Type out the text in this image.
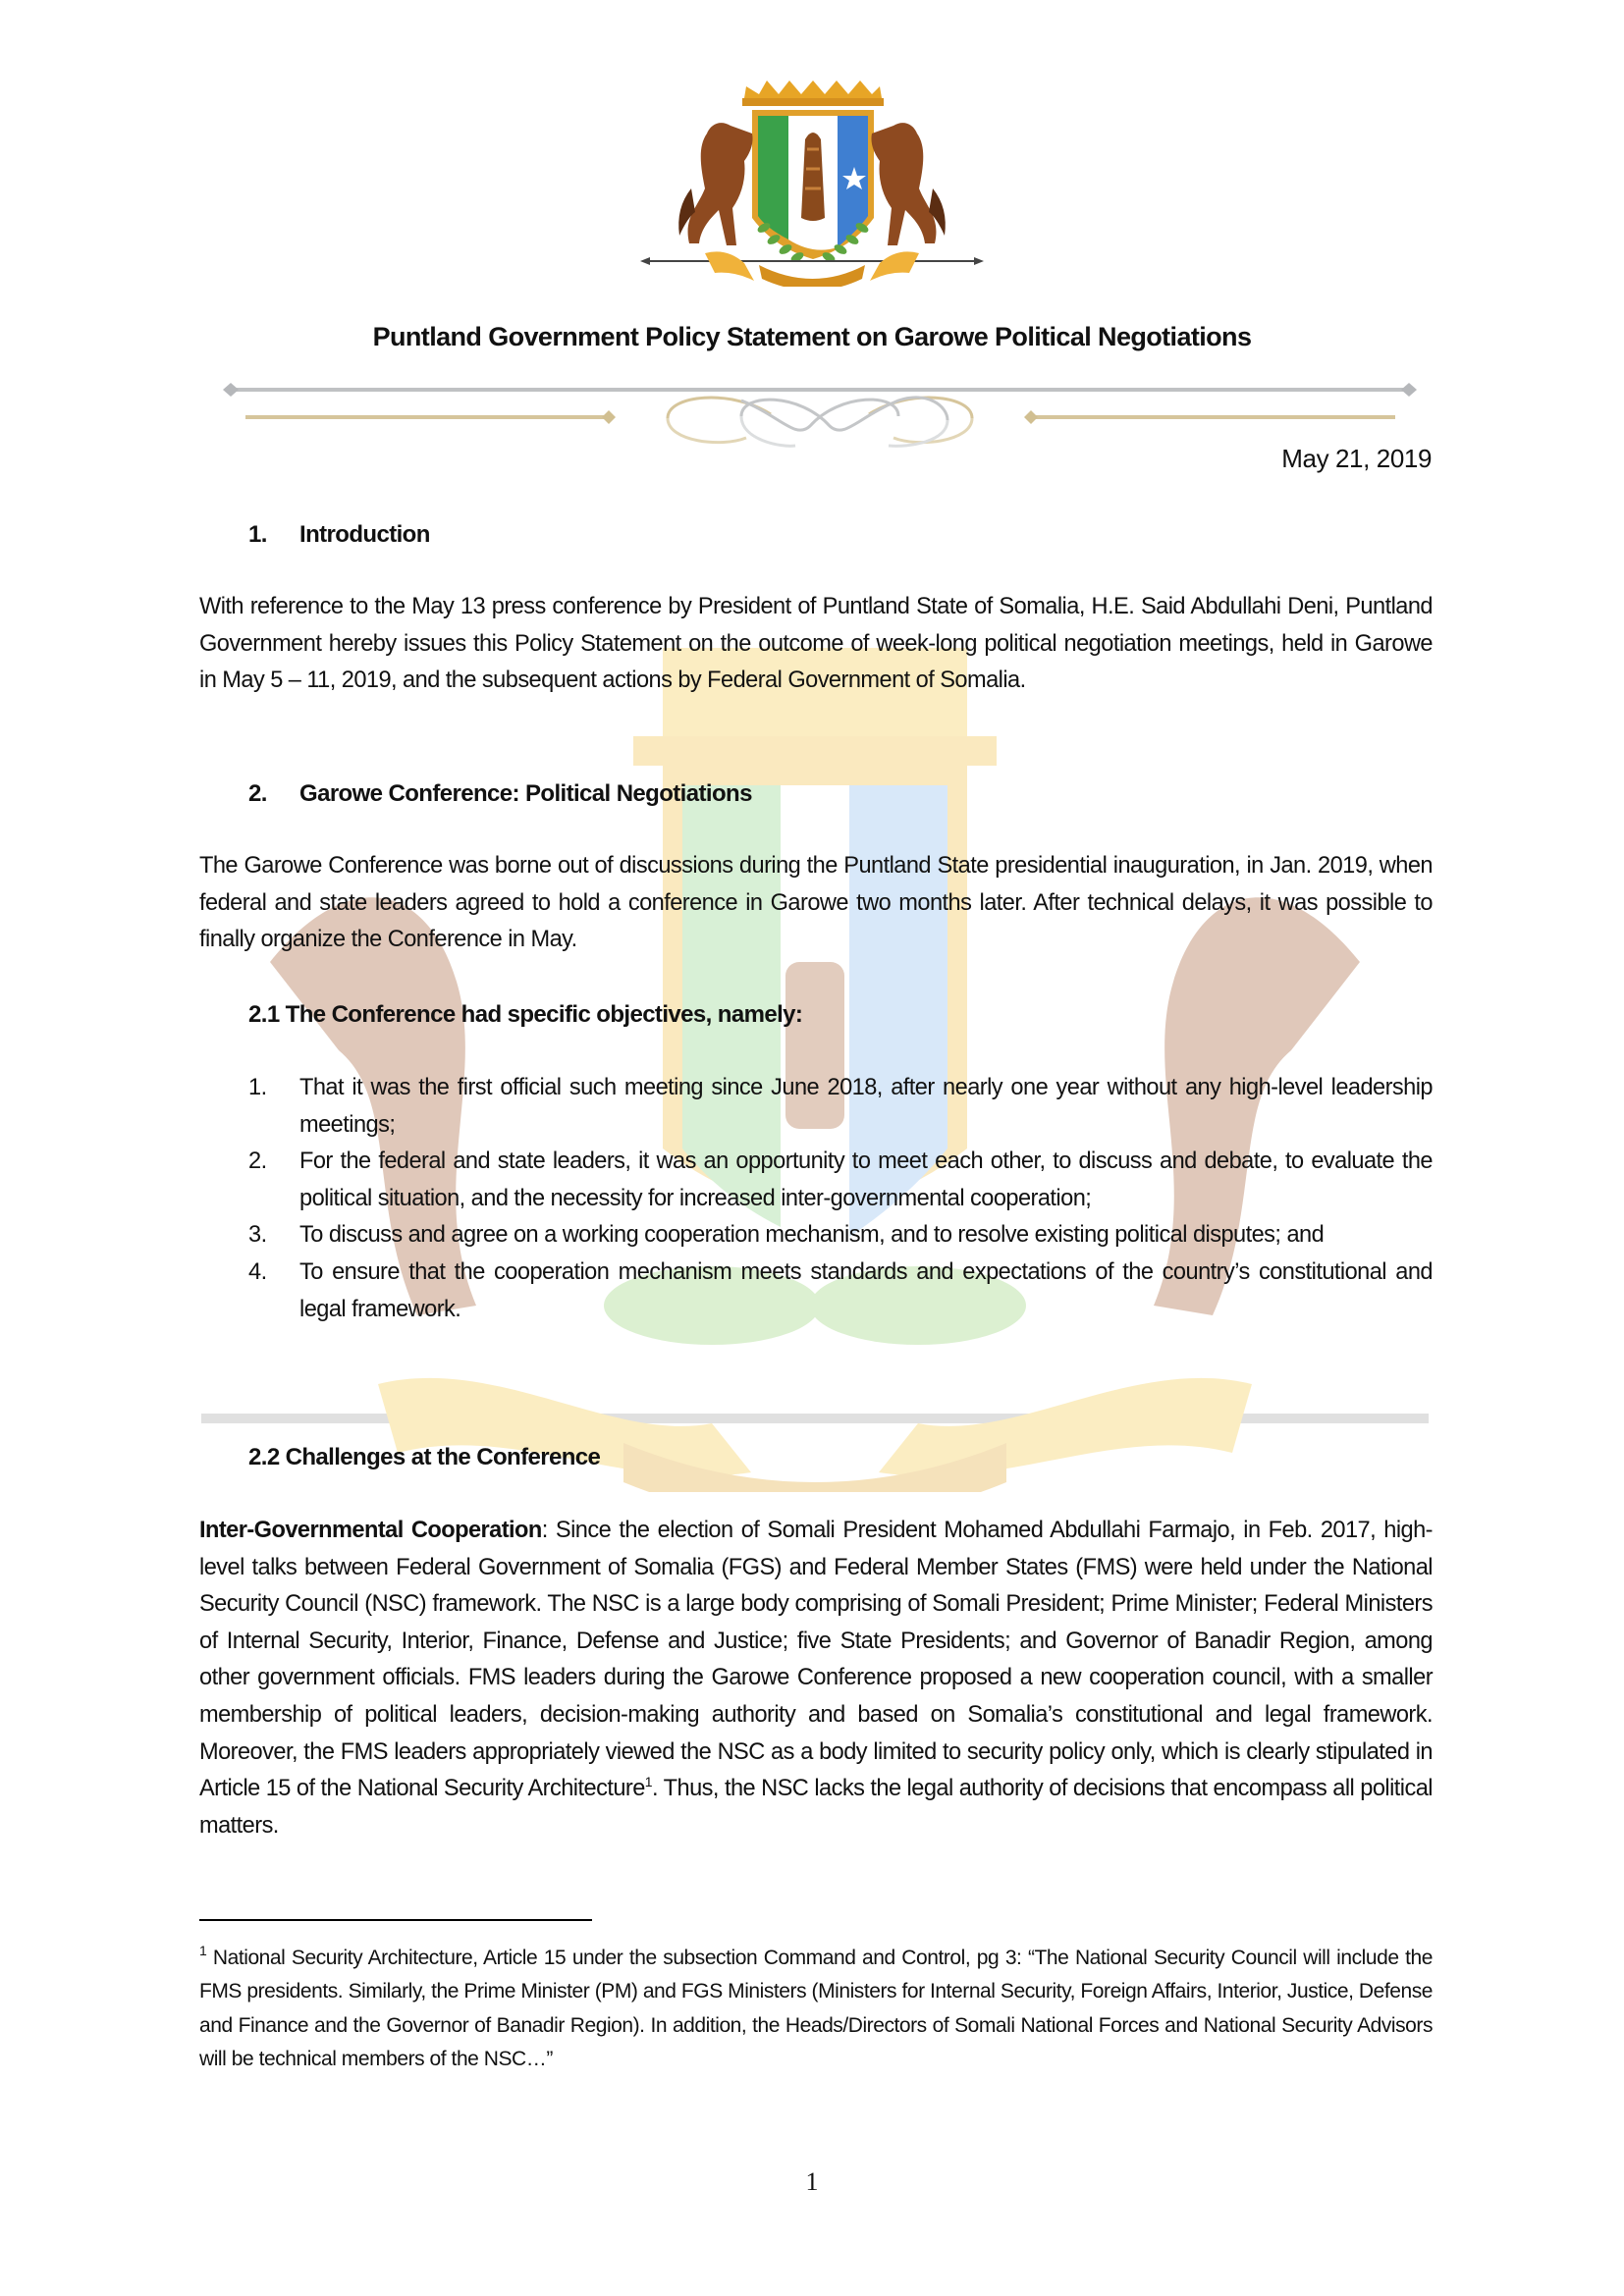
Puntland Government Policy Statement on Garowe Political Negotiations
May 21, 2019
1. Introduction
With reference to the May 13 press conference by President of Puntland State of Somalia, H.E. Said Abdullahi Deni, Puntland Government hereby issues this Policy Statement on the outcome of week-long political negotiation meetings, held in Garowe in May 5 – 11, 2019, and the subsequent actions by Federal Government of Somalia.
2. Garowe Conference: Political Negotiations
The Garowe Conference was borne out of discussions during the Puntland State presidential inauguration, in Jan. 2019, when federal and state leaders agreed to hold a conference in Garowe two months later. After technical delays, it was possible to finally organize the Conference in May.
2.1 The Conference had specific objectives, namely:
1. That it was the first official such meeting since June 2018, after nearly one year without any high-level leadership meetings;
2. For the federal and state leaders, it was an opportunity to meet each other, to discuss and debate, to evaluate the political situation, and the necessity for increased inter-governmental cooperation;
3. To discuss and agree on a working cooperation mechanism, and to resolve existing political disputes; and
4. To ensure that the cooperation mechanism meets standards and expectations of the country’s constitutional and legal framework.
2.2 Challenges at the Conference
Inter-Governmental Cooperation: Since the election of Somali President Mohamed Abdullahi Farmajo, in Feb. 2017, high-level talks between Federal Government of Somalia (FGS) and Federal Member States (FMS) were held under the National Security Council (NSC) framework. The NSC is a large body comprising of Somali President; Prime Minister; Federal Ministers of Internal Security, Interior, Finance, Defense and Justice; five State Presidents; and Governor of Banadir Region, among other government officials. FMS leaders during the Garowe Conference proposed a new cooperation council, with a smaller membership of political leaders, decision-making authority and based on Somalia’s constitutional and legal framework. Moreover, the FMS leaders appropriately viewed the NSC as a body limited to security policy only, which is clearly stipulated in Article 15 of the National Security Architecture$^1$. Thus, the NSC lacks the legal authority of decisions that encompass all political matters.
$^1$ National Security Architecture, Article 15 under the subsection Command and Control, pg 3: “The National Security Council will include the FMS presidents. Similarly, the Prime Minister (PM) and FGS Ministers (Ministers for Internal Security, Foreign Affairs, Interior, Justice, Defense and Finance and the Governor of Banadir Region). In addition, the Heads/Directors of Somali National Forces and National Security Advisors will be technical members of the NSC…”
1
